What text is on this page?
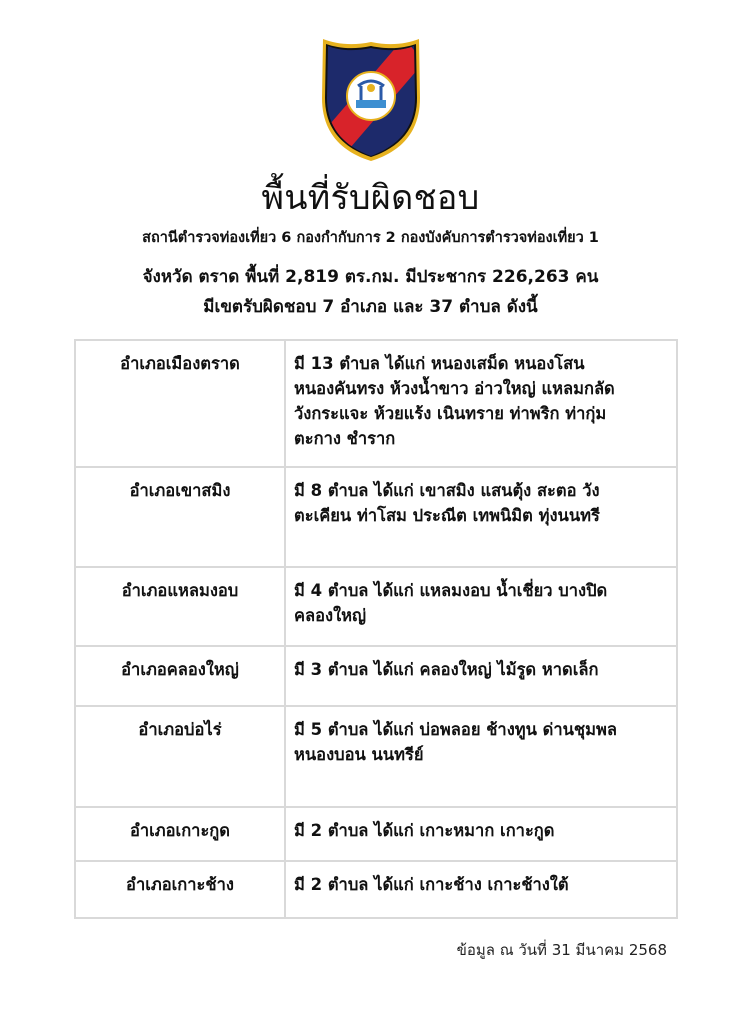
พื้นที่รับผิดชอบ
สถานีตำรวจท่องเที่ยว 6 กองกำกับการ 2 กองบังคับการตำรวจท่องเที่ยว 1
จังหวัด ตราด พื้นที่ 2,819 ตร.กม. มีประชากร 226,263 คน
มีเขตรับผิดชอบ 7 อำเภอ และ 37 ตำบล ดังนี้
อำเภอเมืองตราด	มี 13 ตำบล ได้แก่ หนองเสม็ด หนองโสน
หนองคันทรง ห้วงน้ำขาว อ่าวใหญ่ แหลมกลัด
วังกระแจะ ห้วยแร้ง เนินทราย ท่าพริก ท่ากุ่ม
ตะกาง ชำราก

อำเภอเขาสมิง	มี 8 ตำบล ได้แก่ เขาสมิง แสนตุ้ง สะตอ วัง
ตะเคียน ท่าโสม ประณีต เทพนิมิต ทุ่งนนทรี

อำเภอแหลมงอบ	มี 4 ตำบล ได้แก่ แหลมงอบ น้ำเชี่ยว บางปิด
คลองใหญ่

อำเภอคลองใหญ่	มี 3 ตำบล ได้แก่ คลองใหญ่ ไม้รูด หาดเล็ก

อำเภอบ่อไร่	มี 5 ตำบล ได้แก่ บ่อพลอย ช้างทูน ด่านชุมพล
หนองบอน นนทรีย์

อำเภอเกาะกูด	มี 2 ตำบล ได้แก่ เกาะหมาก เกาะกูด

อำเภอเกาะช้าง	มี 2 ตำบล ได้แก่ เกาะช้าง เกาะช้างใต้
ข้อมูล ณ วันที่ 31 มีนาคม 2568
